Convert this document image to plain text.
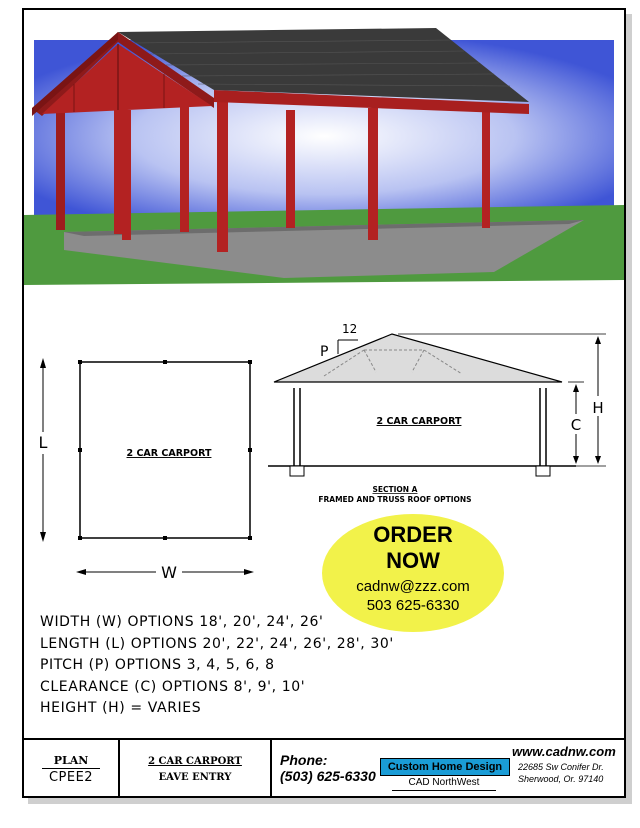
2 CAR CARPORT
L
W
2 CAR CARPORT
P
12
C
H
SECTION A
FRAMED AND TRUSS ROOF OPTIONS
ORDER
NOW
cadnw@zzz.com
503 625-6330
WIDTH (W) OPTIONS 18', 20', 24', 26'
LENGTH (L) OPTIONS 20', 22', 24', 26', 28', 30'
PITCH (P) OPTIONS 3, 4, 5, 6, 8
CLEARANCE (C) OPTIONS 8', 9', 10'
HEIGHT (H) = VARIES
PLAN
CPEE2
2 CAR CARPORT
EAVE ENTRY
Phone:
(503) 625-6330
Custom Home Design
CAD NorthWest
www.cadnw.com
22685 Sw Conifer Dr.
Sherwood, Or. 97140
